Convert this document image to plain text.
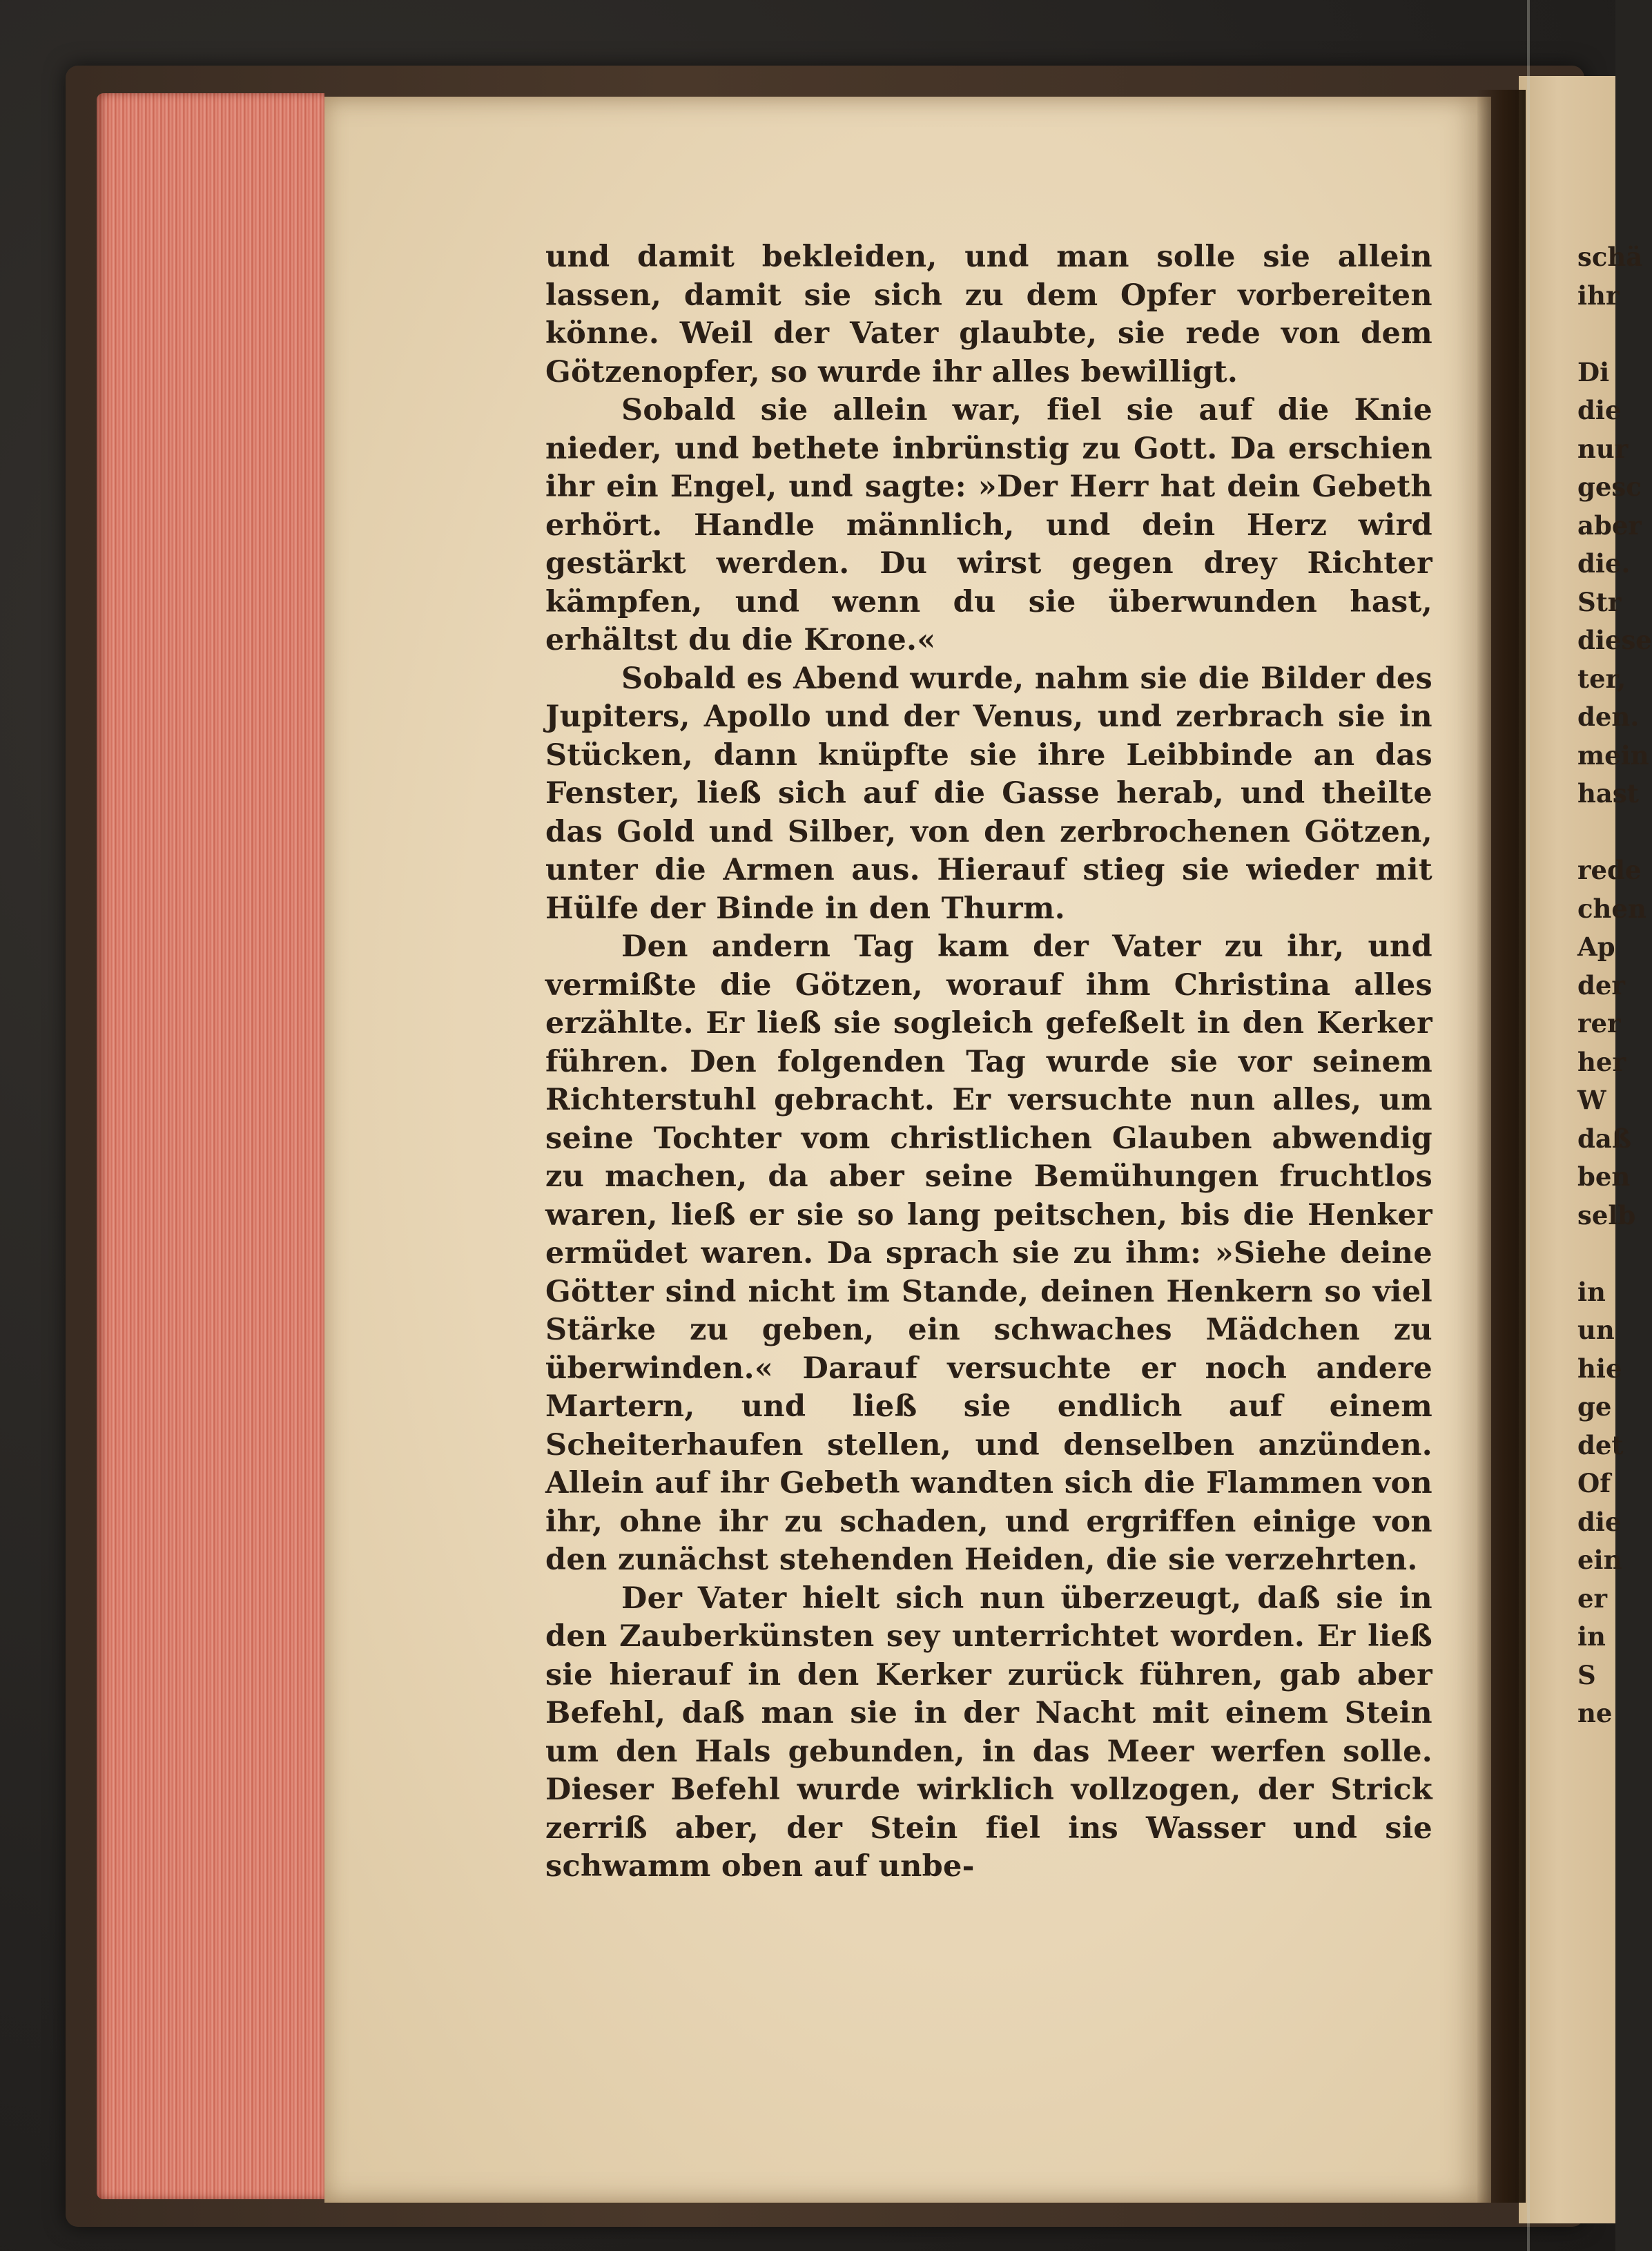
und damit bekleiden, und man solle sie allein lassen, damit sie sich zu dem Opfer vorbereiten könne. Weil der Vater glaubte, sie rede von dem Götzenopfer, so wurde ihr alles bewilligt.

Sobald sie allein war, fiel sie auf die Knie nieder, und bethete inbrünstig zu Gott. Da erschien ihr ein Engel, und sagte: »Der Herr hat dein Gebeth erhört. Handle männlich, und dein Herz wird gestärkt werden. Du wirst gegen drey Richter kämpfen, und wenn du sie überwunden hast, erhältst du die Krone.«

Sobald es Abend wurde, nahm sie die Bilder des Jupiters, Apollo und der Venus, und zerbrach sie in Stücken, dann knüpfte sie ihre Leibbinde an das Fenster, ließ sich auf die Gasse herab, und theilte das Gold und Silber, von den zerbrochenen Götzen, unter die Armen aus. Hierauf stieg sie wieder mit Hülfe der Binde in den Thurm.

Den andern Tag kam der Vater zu ihr, und vermißte die Götzen, worauf ihm Christina alles erzählte. Er ließ sie sogleich gefeßelt in den Kerker führen. Den folgenden Tag wurde sie vor seinem Richterstuhl gebracht. Er versuchte nun alles, um seine Tochter vom christlichen Glauben abwendig zu machen, da aber seine Bemühungen fruchtlos waren, ließ er sie so lang peitschen, bis die Henker ermüdet waren. Da sprach sie zu ihm: »Siehe deine Götter sind nicht im Stande, deinen Henkern so viel Stärke zu geben, ein schwaches Mädchen zu überwinden.« Darauf versuchte er noch andere Martern, und ließ sie endlich auf einem Scheiterhaufen stellen, und denselben anzünden. Allein auf ihr Gebeth wandten sich die Flammen von ihr, ohne ihr zu schaden, und ergriffen einige von den zunächst stehenden Heiden, die sie verzehrten.

Der Vater hielt sich nun überzeugt, daß sie in den Zauberkünsten sey unterrichtet worden. Er ließ sie hierauf in den Kerker zurück führen, gab aber Befehl, daß man sie in der Nacht mit einem Stein um den Hals gebunden, in das Meer werfen solle. Dieser Befehl wurde wirklich vollzogen, der Strick zerriß aber, der Stein fiel ins Wasser und sie schwamm oben auf unbe-

schä
ihr
Di
die
nur
gesc
aber
die.
Str
diese
ter,
den.
mein
hast
rede
chen
Ap
der
rer
her
W
daß
ben
selb
in
un
hie
ge
det
Of
die
ein
er
in
S
ne
